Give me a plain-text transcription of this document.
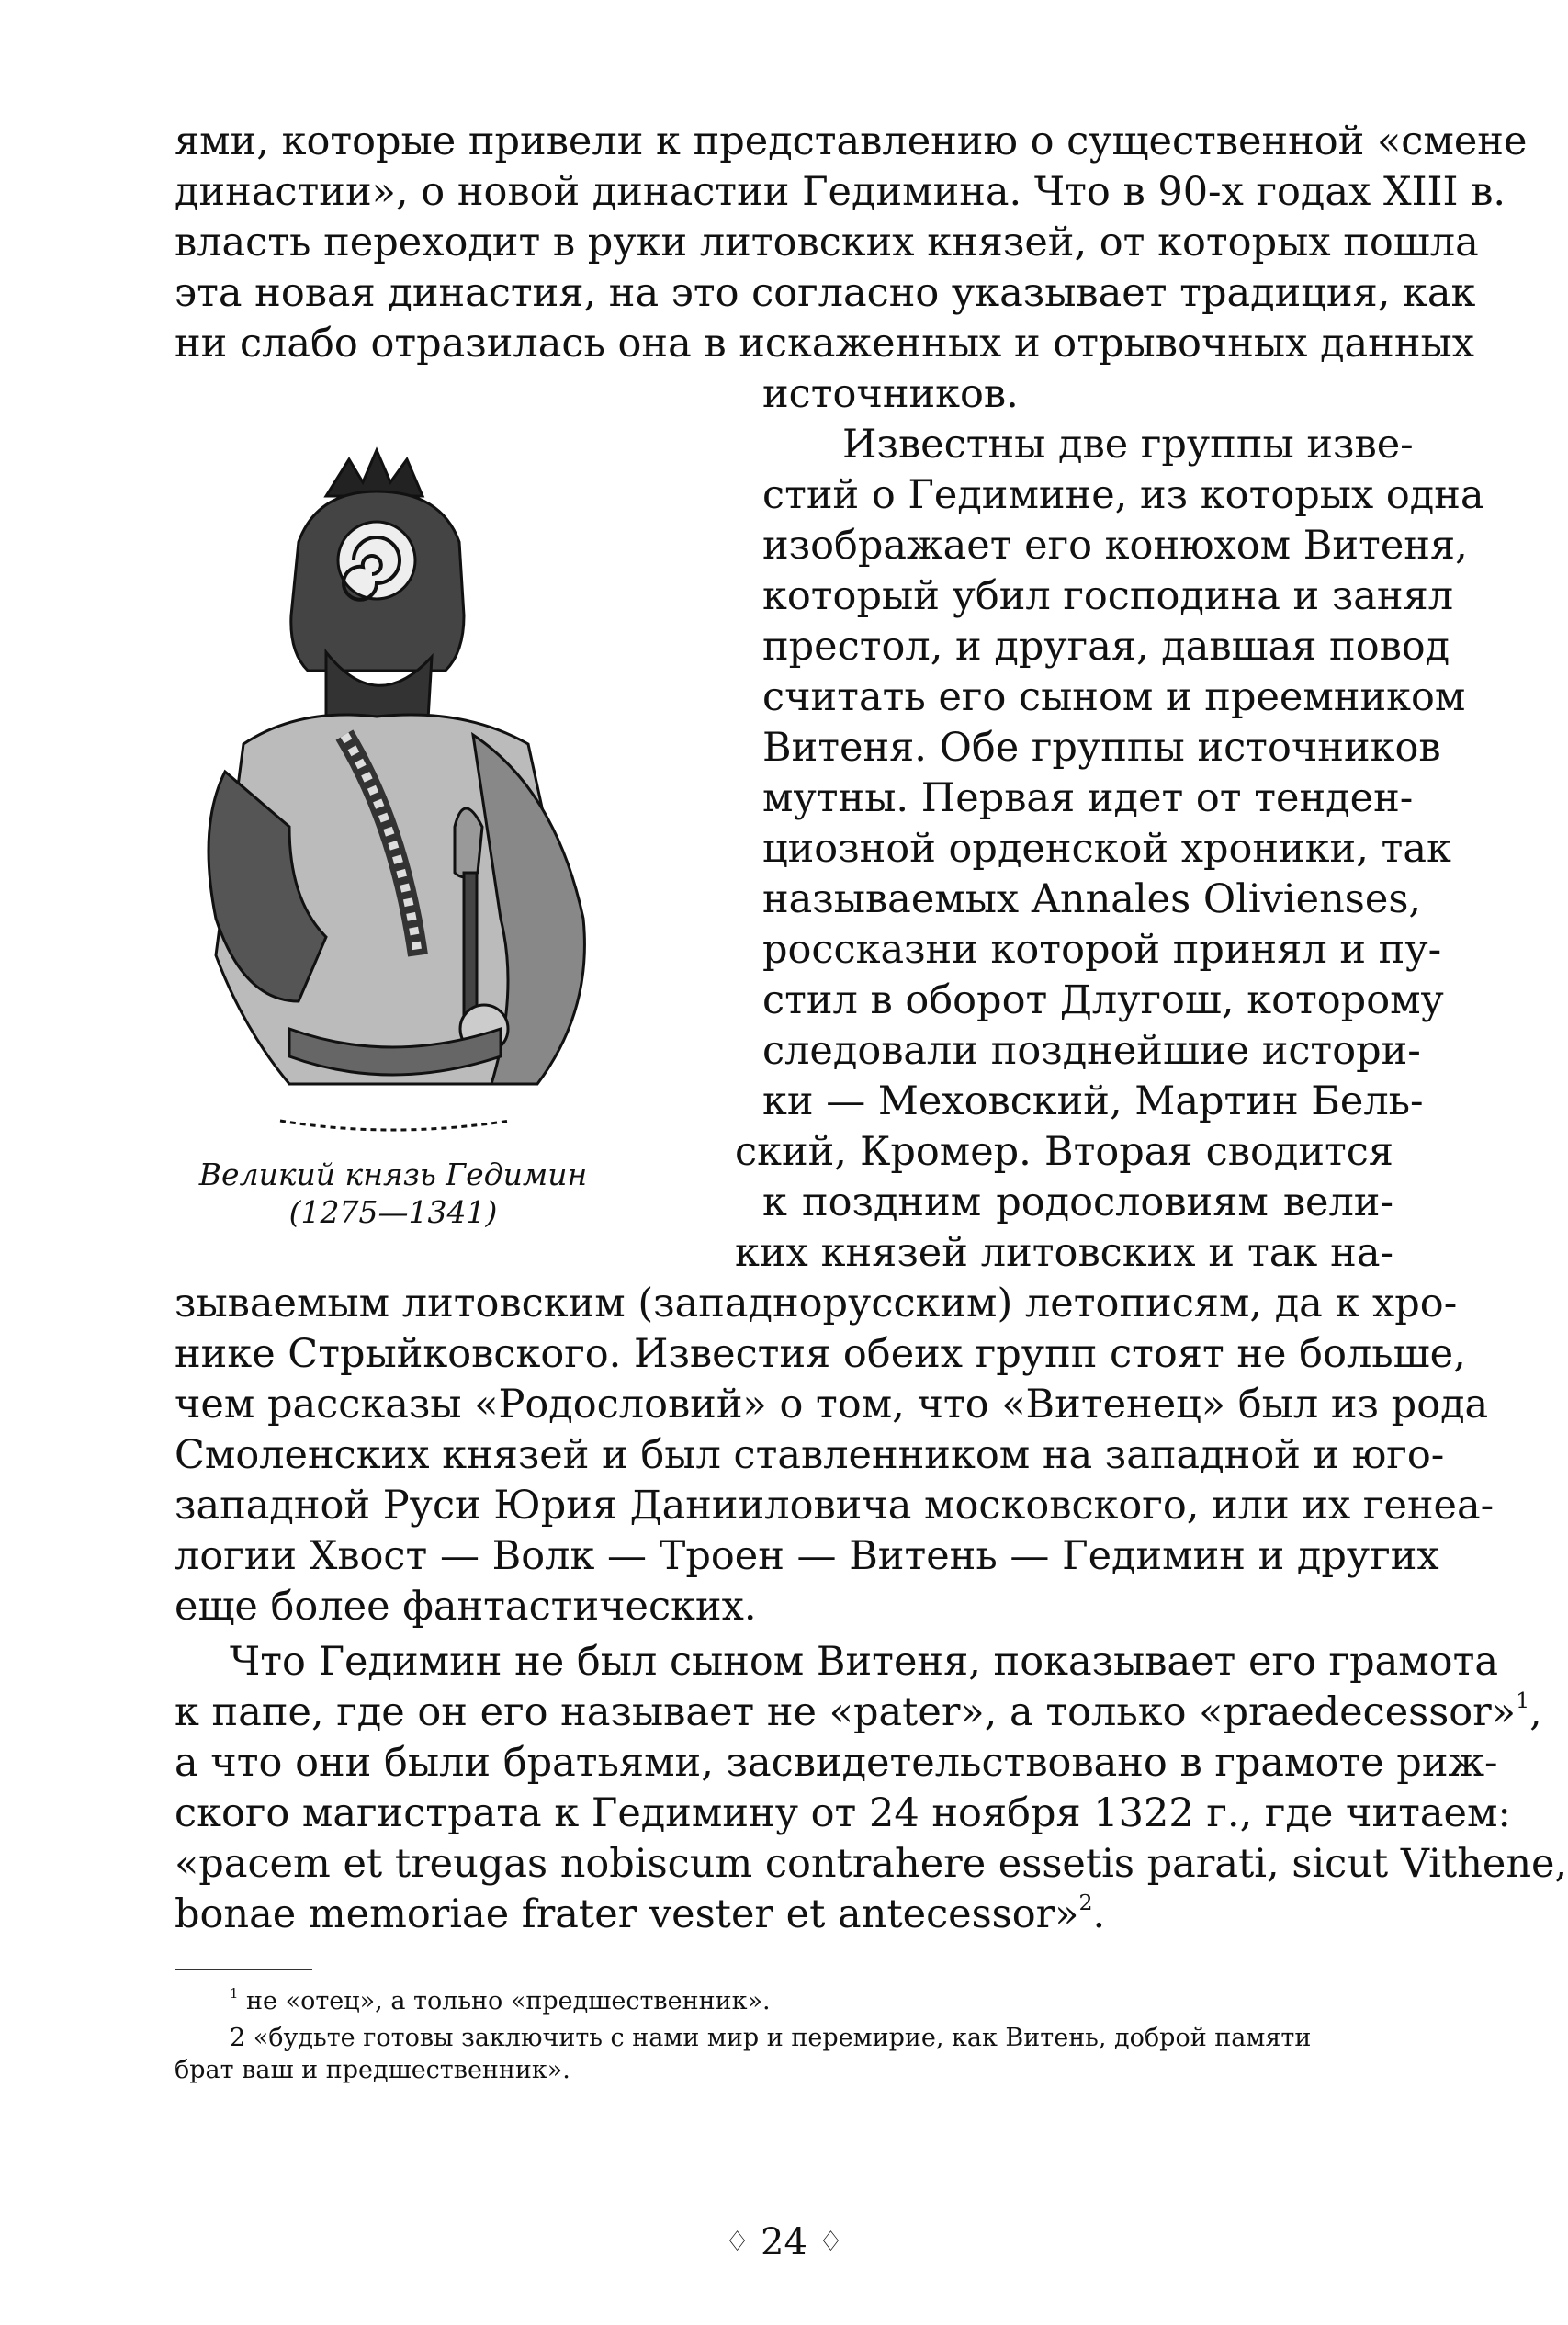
ями, которые привели к представлению о существенной «смене
династии», о новой династии Гедимина. Что в 90-х годах XIII в.
власть переходит в руки литовских князей, от которых пошла
эта новая династия, на это согласно указывает традиция, как
ни слабо отразилась она в искаженных и отрывочных данных
источников.
Великий князь Гедимин
(1275—1341)
Известны две группы изве-
стий о Гедимине, из которых одна
изображает его конюхом Витеня,
который убил господина и занял
престол, и другая, давшая повод
считать его сыном и преемником
Витеня. Обе группы источников
мутны. Первая идет от тенден-
циозной орденской хроники, так
называемых Annales Olivienses,
россказни которой принял и пу-
стил в оборот Длугош, которому
следовали позднейшие истори-
ки — Меховский, Мартин Бель-
ский, Кромер. Вторая сводится
к поздним родословиям вели-
ких князей литовских и так на-
зываемым литовским (западнорусским) летописям, да к хро-
нике Стрыйковского. Известия обеих групп стоят не больше,
чем рассказы «Родословий» о том, что «Витенец» был из рода
Смоленских князей и был ставленником на западной и юго-
западной Руси Юрия Данииловича московского, или их генеа-
логии Хвост — Волк — Троен — Витень — Гедимин и других
еще более фантастических.
Что Гедимин не был сыном Витеня, показывает его грамота
к папе, где он его называет не «pater», а только «praedecessor»$^1$,
а что они были братьями, засвидетельствовано в грамоте риж-
ского магистрата к Гедимину от 24 ноября 1322 г., где читаем:
«pacem et treugas nobiscum contrahere essetis parati, sicut Vithene,
bonae memoriae frater vester et antecessor»$^2$.
$^1$ не «отец», а тольно «предшественник».
2 «будьте готовы заключить с нами мир и перемирие, как Витень, доброй памяти
брат ваш и предшественник».
♢ 24 ♢
